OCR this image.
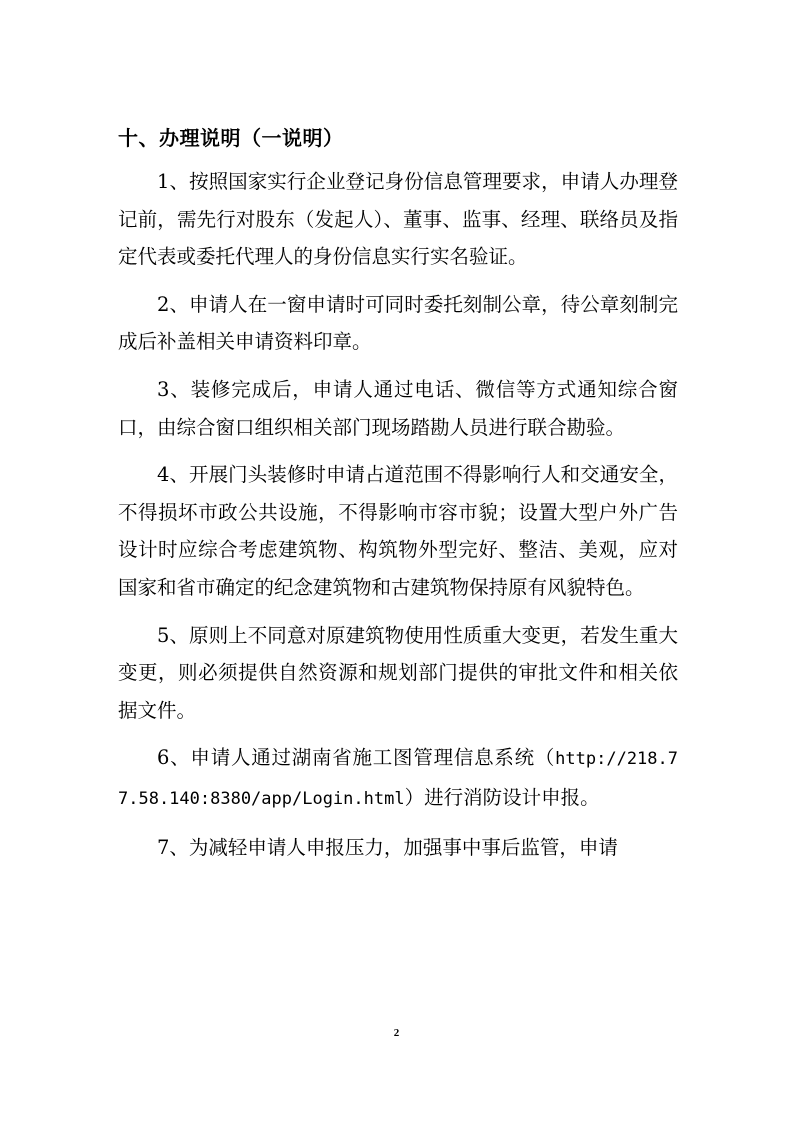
十、办理说明（一说明）

1、按照国家实行企业登记身份信息管理要求，申请人办理登记前，需先行对股东（发起人）、董事、监事、经理、联络员及指定代表或委托代理人的身份信息实行实名验证。

2、申请人在一窗申请时可同时委托刻制公章，待公章刻制完成后补盖相关申请资料印章。

3、装修完成后，申请人通过电话、微信等方式通知综合窗口，由综合窗口组织相关部门现场踏勘人员进行联合勘验。

4、开展门头装修时申请占道范围不得影响行人和交通安全，不得损坏市政公共设施，不得影响市容市貌；设置大型户外广告设计时应综合考虑建筑物、构筑物外型完好、整洁、美观，应对国家和省市确定的纪念建筑物和古建筑物保持原有风貌特色。

5、原则上不同意对原建筑物使用性质重大变更，若发生重大变更，则必须提供自然资源和规划部门提供的审批文件和相关依据文件。

6、申请人通过湖南省施工图管理信息系统（http://218.77.58.140:8380/app/Login.html）进行消防设计申报。

7、为减轻申请人申报压力，加强事中事后监管，申请

2
